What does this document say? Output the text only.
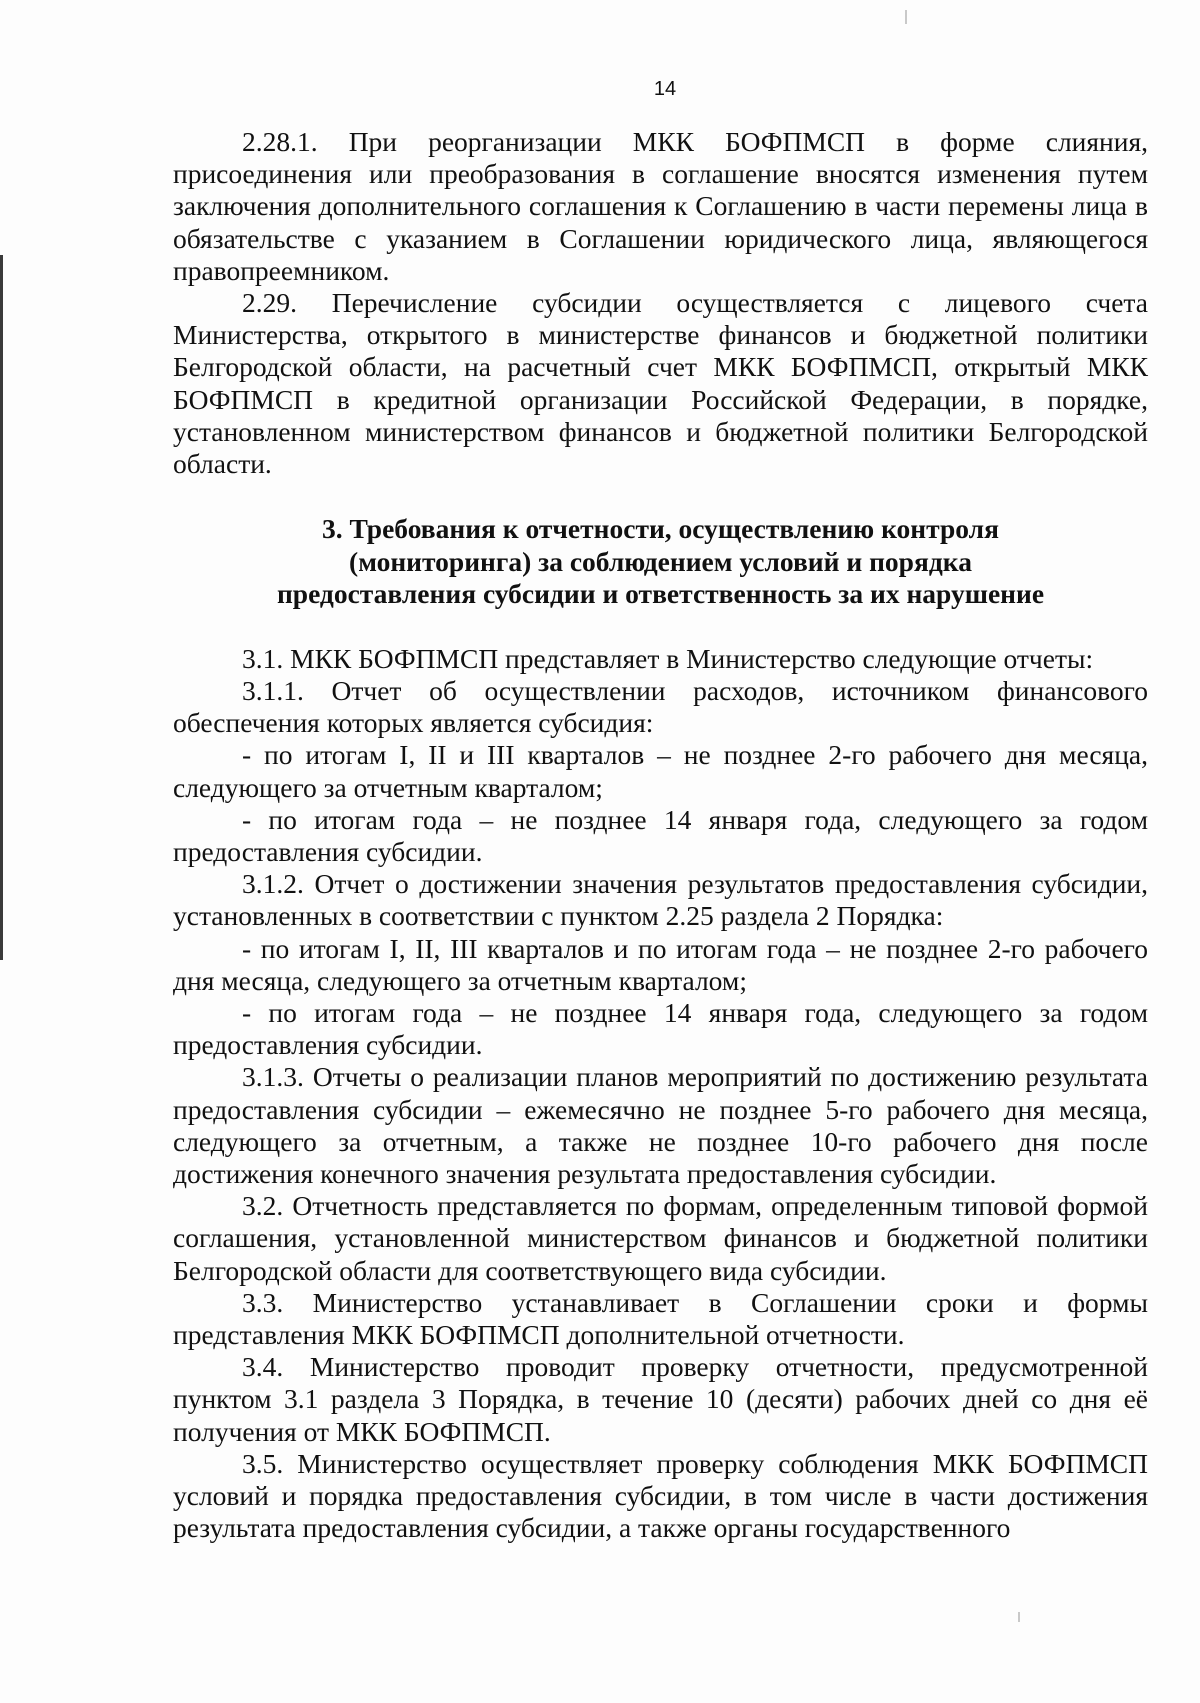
14

2.28.1. При реорганизации МКК БОФПМСП в форме слияния, присоединения или преобразования в соглашение вносятся изменения путем заключения дополнительного соглашения к Соглашению в части перемены лица в обязательстве с указанием в Соглашении юридического лица, являющегося правопреемником.

2.29. Перечисление субсидии осуществляется с лицевого счета Министерства, открытого в министерстве финансов и бюджетной политики Белгородской области, на расчетный счет МКК БОФПМСП, открытый МКК БОФПМСП в кредитной организации Российской Федерации, в порядке, установленном министерством финансов и бюджетной политики Белгородской области.

3. Требования к отчетности, осуществлению контроля
(мониторинга) за соблюдением условий и порядка
предоставления субсидии и ответственность за их нарушение

3.1. МКК БОФПМСП представляет в Министерство следующие отчеты:

3.1.1. Отчет об осуществлении расходов, источником финансового обеспечения которых является субсидия:

- по итогам I, II и III кварталов – не позднее 2-го рабочего дня месяца, следующего за отчетным кварталом;

- по итогам года – не позднее 14 января года, следующего за годом предоставления субсидии.

3.1.2. Отчет о достижении значения результатов предоставления субсидии, установленных в соответствии с пунктом 2.25 раздела 2 Порядка:

- по итогам I, II, III кварталов и по итогам года – не позднее 2-го рабочего дня месяца, следующего за отчетным кварталом;

- по итогам года – не позднее 14 января года, следующего за годом предоставления субсидии.

3.1.3. Отчеты о реализации планов мероприятий по достижению результата предоставления субсидии – ежемесячно не позднее 5-го рабочего дня месяца, следующего за отчетным, а также не позднее 10-го рабочего дня после достижения конечного значения результата предоставления субсидии.

3.2. Отчетность представляется по формам, определенным типовой формой соглашения, установленной министерством финансов и бюджетной политики Белгородской области для соответствующего вида субсидии.

3.3. Министерство устанавливает в Соглашении сроки и формы представления МКК БОФПМСП дополнительной отчетности.

3.4. Министерство проводит проверку отчетности, предусмотренной пунктом 3.1 раздела 3 Порядка, в течение 10 (десяти) рабочих дней со дня её получения от МКК БОФПМСП.

3.5. Министерство осуществляет проверку соблюдения МКК БОФПМСП условий и порядка предоставления субсидии, в том числе в части достижения результата предоставления субсидии, а также органы государственного
